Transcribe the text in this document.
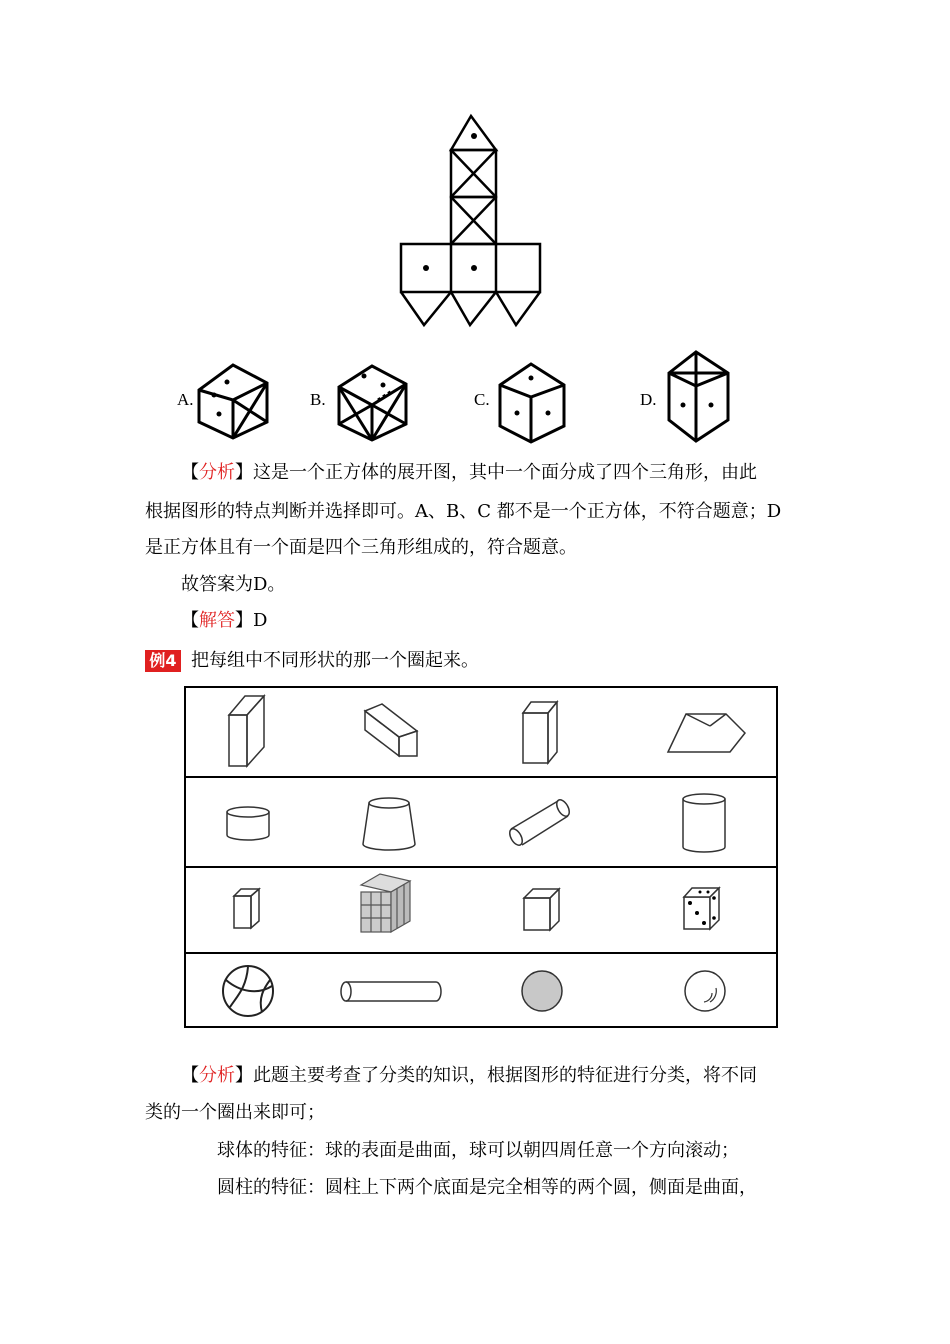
A.	B.	C.	D.
【分析】这是一个正方体的展开图，其中一个面分成了四个三角形，由此
根据图形的特点判断并选择即可。A、B、C 都不是一个正方体，不符合题意；D
是正方体且有一个面是四个三角形组成的，符合题意。
故答案为D。
【解答】D
例4 把每组中不同形状的那一个圈起来。
【分析】此题主要考查了分类的知识，根据图形的特征进行分类，将不同
类的一个圈出来即可；
球体的特征：球的表面是曲面，球可以朝四周任意一个方向滚动；
圆柱的特征：圆柱上下两个底面是完全相等的两个圆，侧面是曲面，
